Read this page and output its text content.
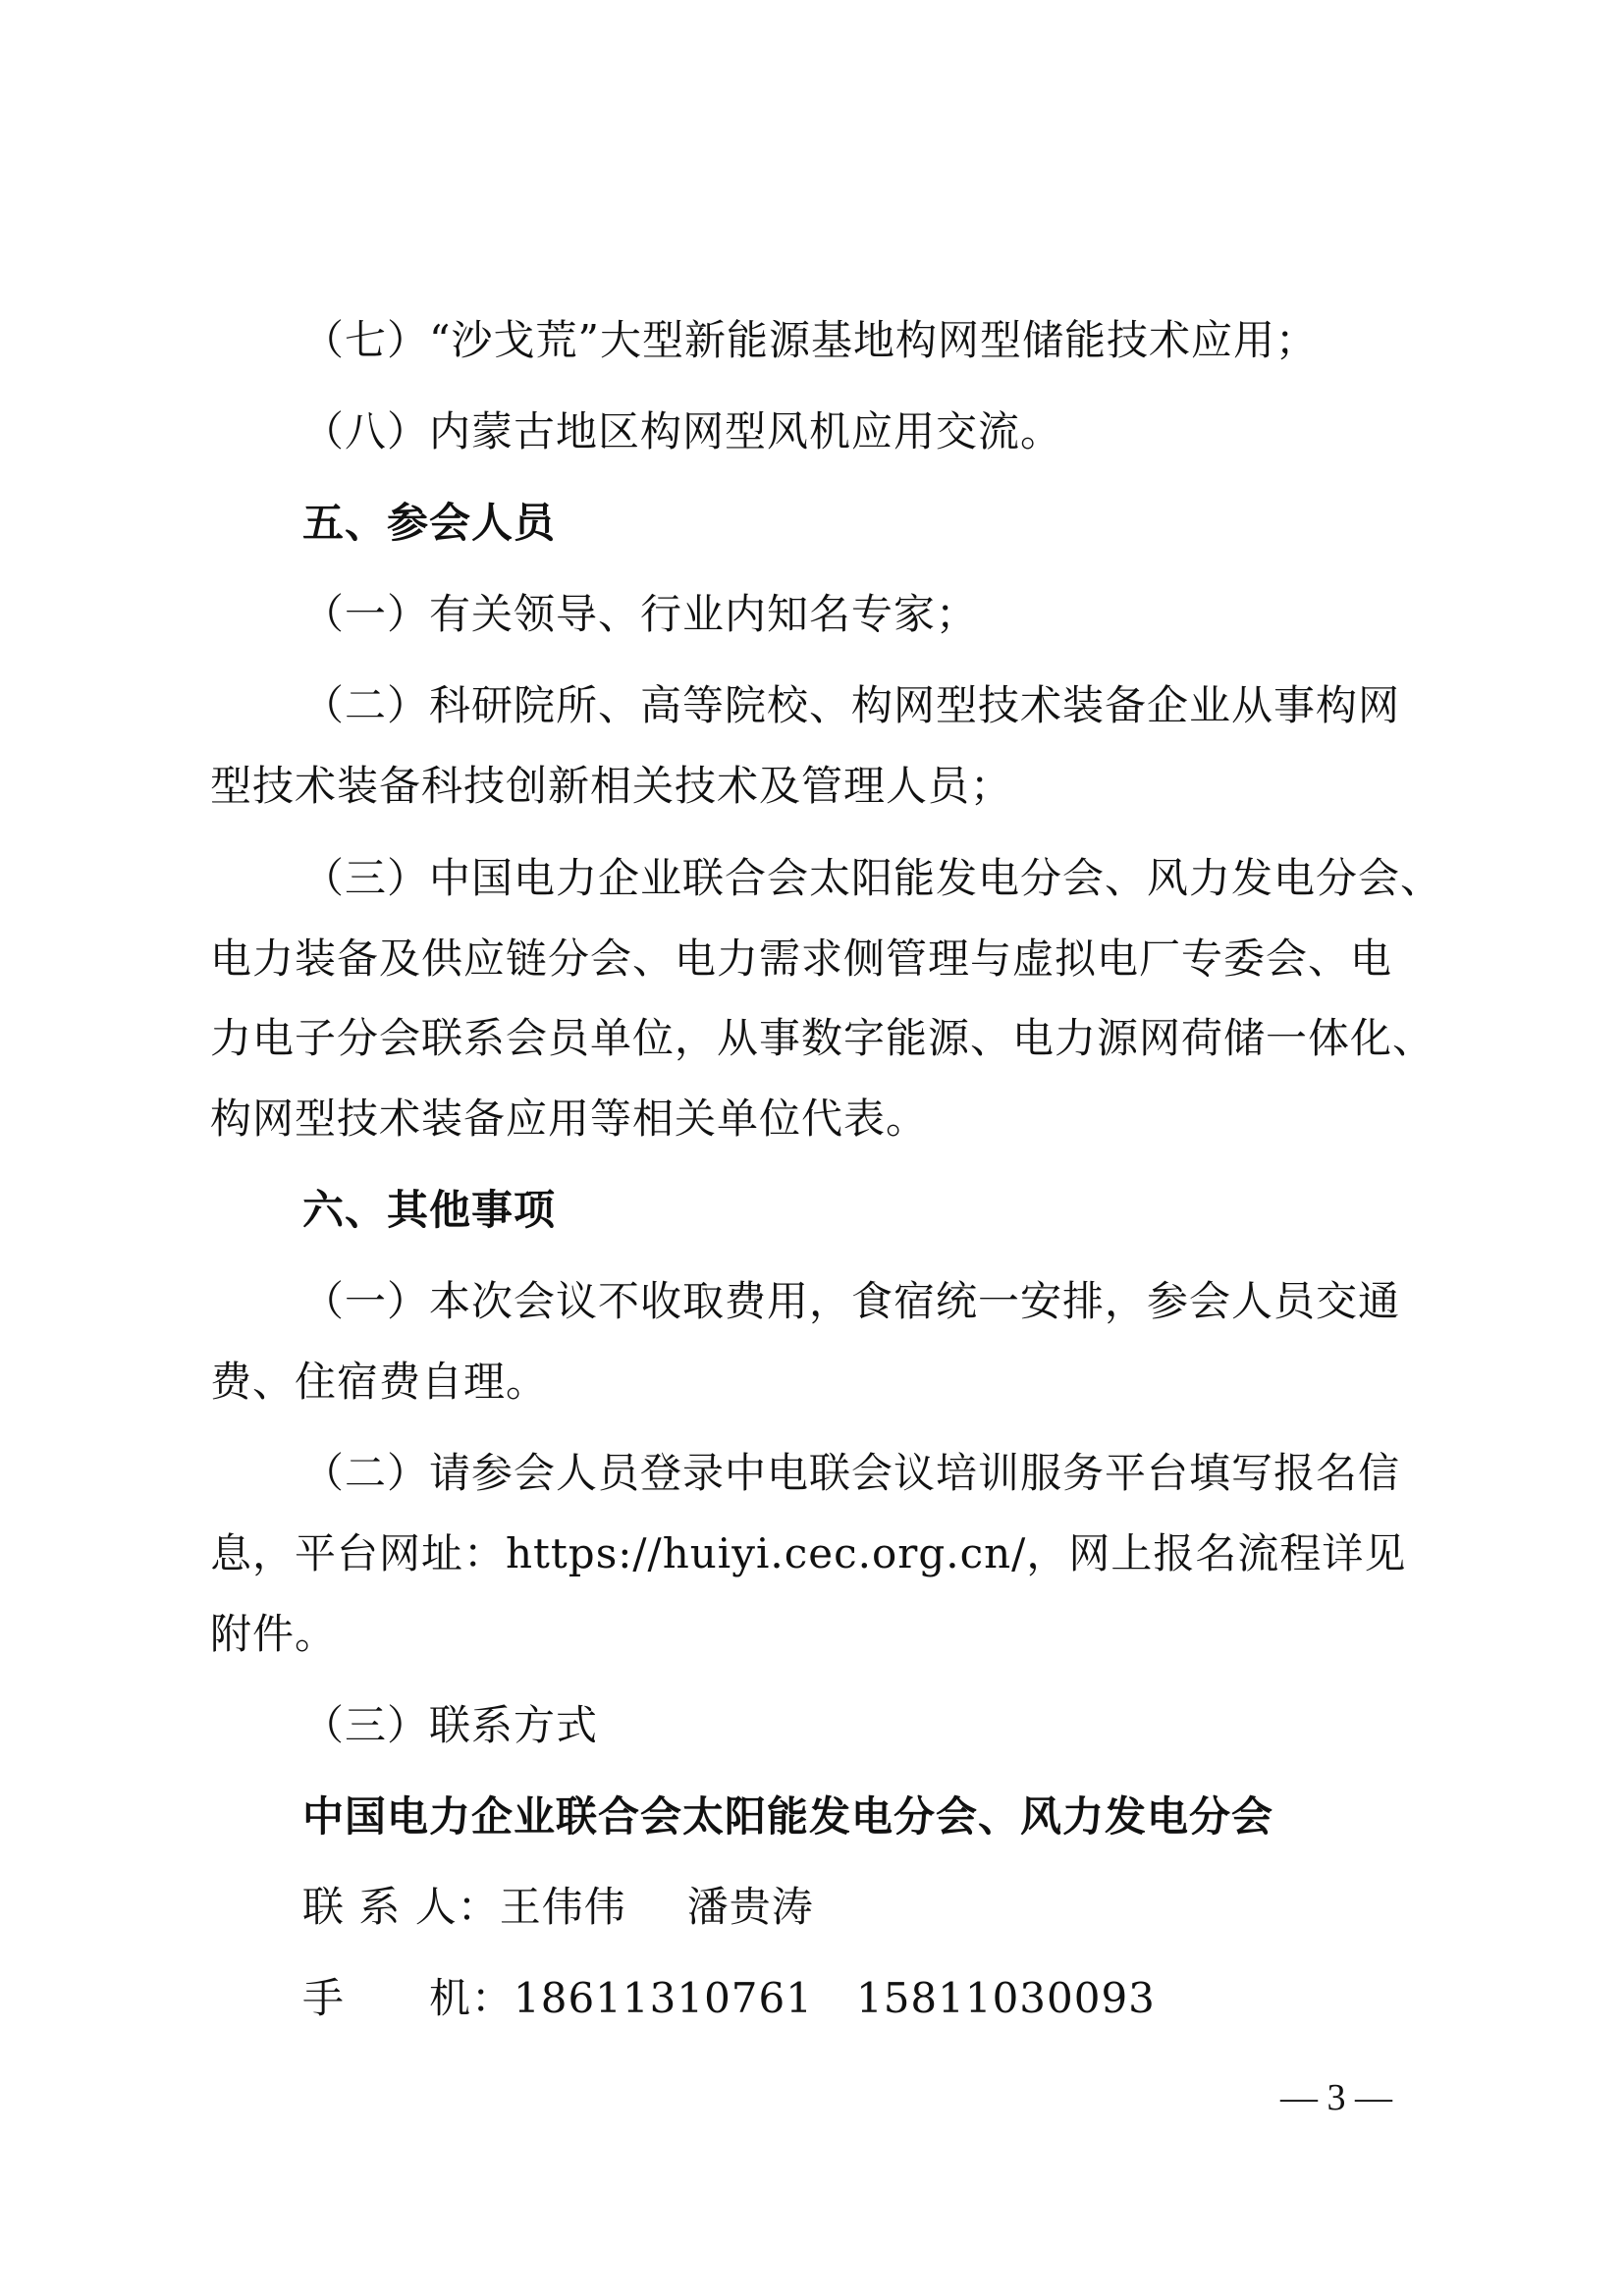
（七）“沙戈荒”大型新能源基地构网型储能技术应用；
（八）内蒙古地区构网型风机应用交流。
五、参会人员
（一）有关领导、行业内知名专家；
（二）科研院所、高等院校、构网型技术装备企业从事构网
型技术装备科技创新相关技术及管理人员；
（三）中国电力企业联合会太阳能发电分会、风力发电分会、
电力装备及供应链分会、电力需求侧管理与虚拟电厂专委会、电
力电子分会联系会员单位，从事数字能源、电力源网荷储一体化、
构网型技术装备应用等相关单位代表。
六、其他事项
（一）本次会议不收取费用，食宿统一安排，参会人员交通
费、住宿费自理。
（二）请参会人员登录中电联会议培训服务平台填写报名信
息，平台网址：https://huiyi.cec.org.cn/，网上报名流程详见
附件。
（三）联系方式
中国电力企业联合会太阳能发电分会、风力发电分会
联 系 人：王伟伟 潘贵涛
手　　机：18611310761 15811030093
— 3 —
